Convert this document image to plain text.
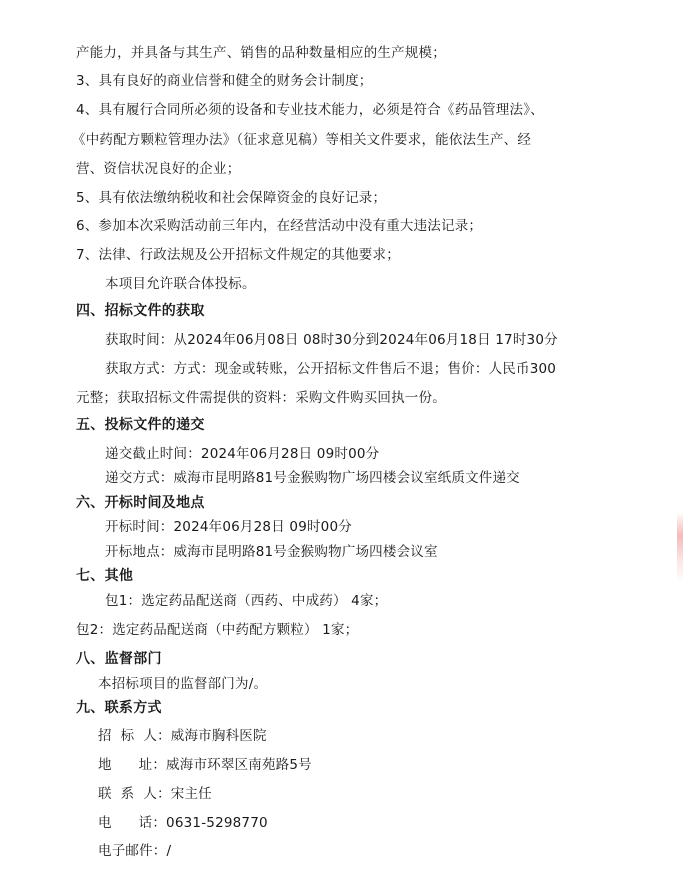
产能力，并具备与其生产、销售的品种数量相应的生产规模；
3、具有良好的商业信誉和健全的财务会计制度；
4、具有履行合同所必须的设备和专业技术能力，必须是符合《药品管理法》、
《中药配方颗粒管理办法》（征求意见稿）等相关文件要求，能依法生产、经
营、资信状况良好的企业；
5、具有依法缴纳税收和社会保障资金的良好记录；
6、参加本次采购活动前三年内，在经营活动中没有重大违法记录；
7、法律、行政法规及公开招标文件规定的其他要求；
本项目允许联合体投标。
四、招标文件的获取
获取时间：从2024年06月08日 08时30分到2024年06月18日 17时30分
获取方式：方式：现金或转账，公开招标文件售后不退；售价：人民币300
元整；获取招标文件需提供的资料：采购文件购买回执一份。
五、投标文件的递交
递交截止时间：2024年06月28日 09时00分
递交方式：威海市昆明路81号金猴购物广场四楼会议室纸质文件递交
六、开标时间及地点
开标时间：2024年06月28日 09时00分
开标地点：威海市昆明路81号金猴购物广场四楼会议室
七、其他
包1：选定药品配送商（西药、中成药） 4家；
包2：选定药品配送商（中药配方颗粒） 1家；
八、监督部门
本招标项目的监督部门为/。
九、联系方式
招  标  人：威海市胸科医院
地      址：威海市环翠区南苑路5号
联  系  人：宋主任
电      话：0631-5298770
电子邮件：/
